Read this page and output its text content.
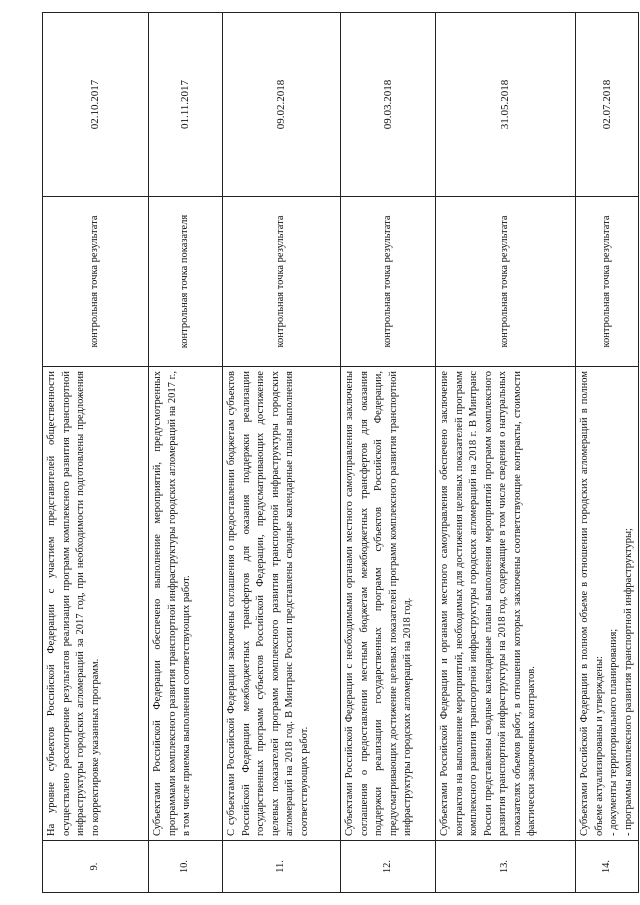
9.	На уровне субъектов Российской Федерации с участием представителей общественности осуществлено рассмотрение результатов реализации программ комплексного развития транспортной инфраструктуры городских агломераций за 2017 год, при необходимости подготовлены предложения по корректировке указанных программ.	контрольная точка результата	02.10.2017
10.	Субъектами Российской Федерации обеспечено выполнение мероприятий, предусмотренных программами комплексного развития транспортной инфраструктуры городских агломераций на 2017 г., в том числе приемка выполнения соответствующих работ.	контрольная точка показателя	01.11.2017
11.	С субъектами Российской Федерации заключены соглашения о предоставлении бюджетам субъектов Российской Федерации межбюджетных трансфертов для оказания поддержки реализации государственных программ субъектов Российской Федерации, предусматривающих достижение целевых показателей программ комплексного развития транспортной инфраструктуры городских агломераций на 2018 год. В Минтранс России представлены сводные календарные планы выполнения соответствующих работ.	контрольная точка результата	09.02.2018
12.	Субъектами Российской Федерации с необходимыми органами местного самоуправления заключены соглашения о предоставлении местным бюджетам межбюджетных трансфертов для оказания поддержки реализации государственных программ субъектов Российской Федерации, предусматривающих достижение целевых показателей программ комплексного развития транспортной инфраструктуры городских агломераций на 2018 год.	контрольная точка результата	09.03.2018
13.	Субъектами Российской Федерации и органами местного самоуправления обеспечено заключение контрактов на выполнение мероприятий, необходимых для достижения целевых показателей программ комплексного развития транспортной инфраструктуры городских агломераций на 2018 г. В Минтранс России представлены сводные календарные планы выполнения мероприятий программ комплексного развития транспортной инфраструктуры на 2018 год, содержащие в том числе сведения о натуральных показателях объемов работ, в отношении которых заключены соответствующие контракты, стоимости фактически заключенных контрактов.	контрольная точка результата	31.05.2018
14.	Субъектами Российской Федерации в полном объеме в отношении городских агломераций в полном объеме актуализированы и утверждены:
- документы территориального планирования;
- программы комплексного развития транспортной инфраструктуры;	контрольная точка результата	02.07.2018
